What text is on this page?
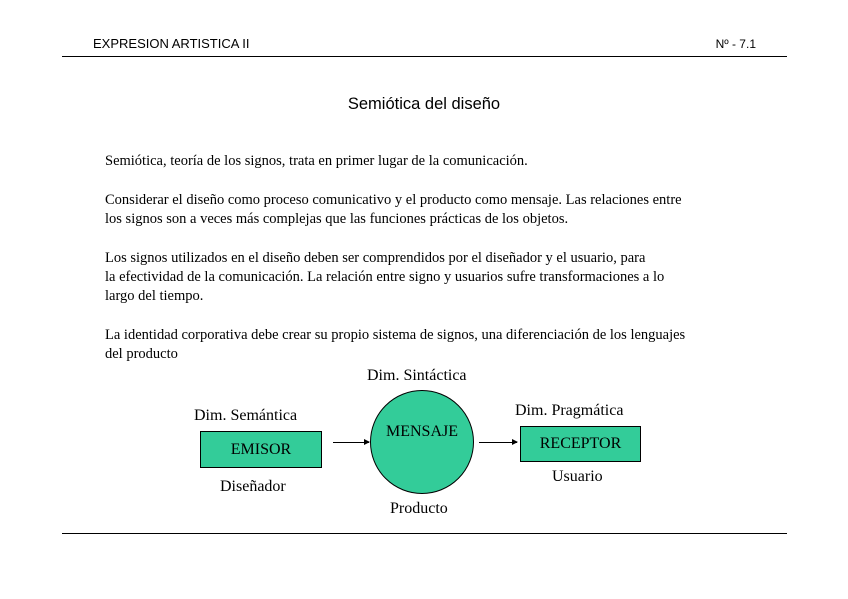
EXPRESION ARTISTICA II	Nº - 7.1
Semiótica del diseño
Semiótica, teoría de los signos, trata en primer lugar de la comunicación.
Considerar el diseño como proceso comunicativo y el producto como mensaje. Las relaciones entre
los signos son a veces más complejas que las funciones prácticas de los objetos.
Los signos utilizados en el diseño deben ser comprendidos por el diseñador y el usuario, para
la efectividad de la comunicación. La relación entre signo y usuarios sufre transformaciones a lo
largo del tiempo.
La identidad corporativa debe crear su propio sistema de signos, una diferenciación de los lenguajes
del producto
Dim. Semántica
EMISOR
Diseñador
Dim. Sintáctica
MENSAJE
Producto
Dim. Pragmática
RECEPTOR
Usuario
